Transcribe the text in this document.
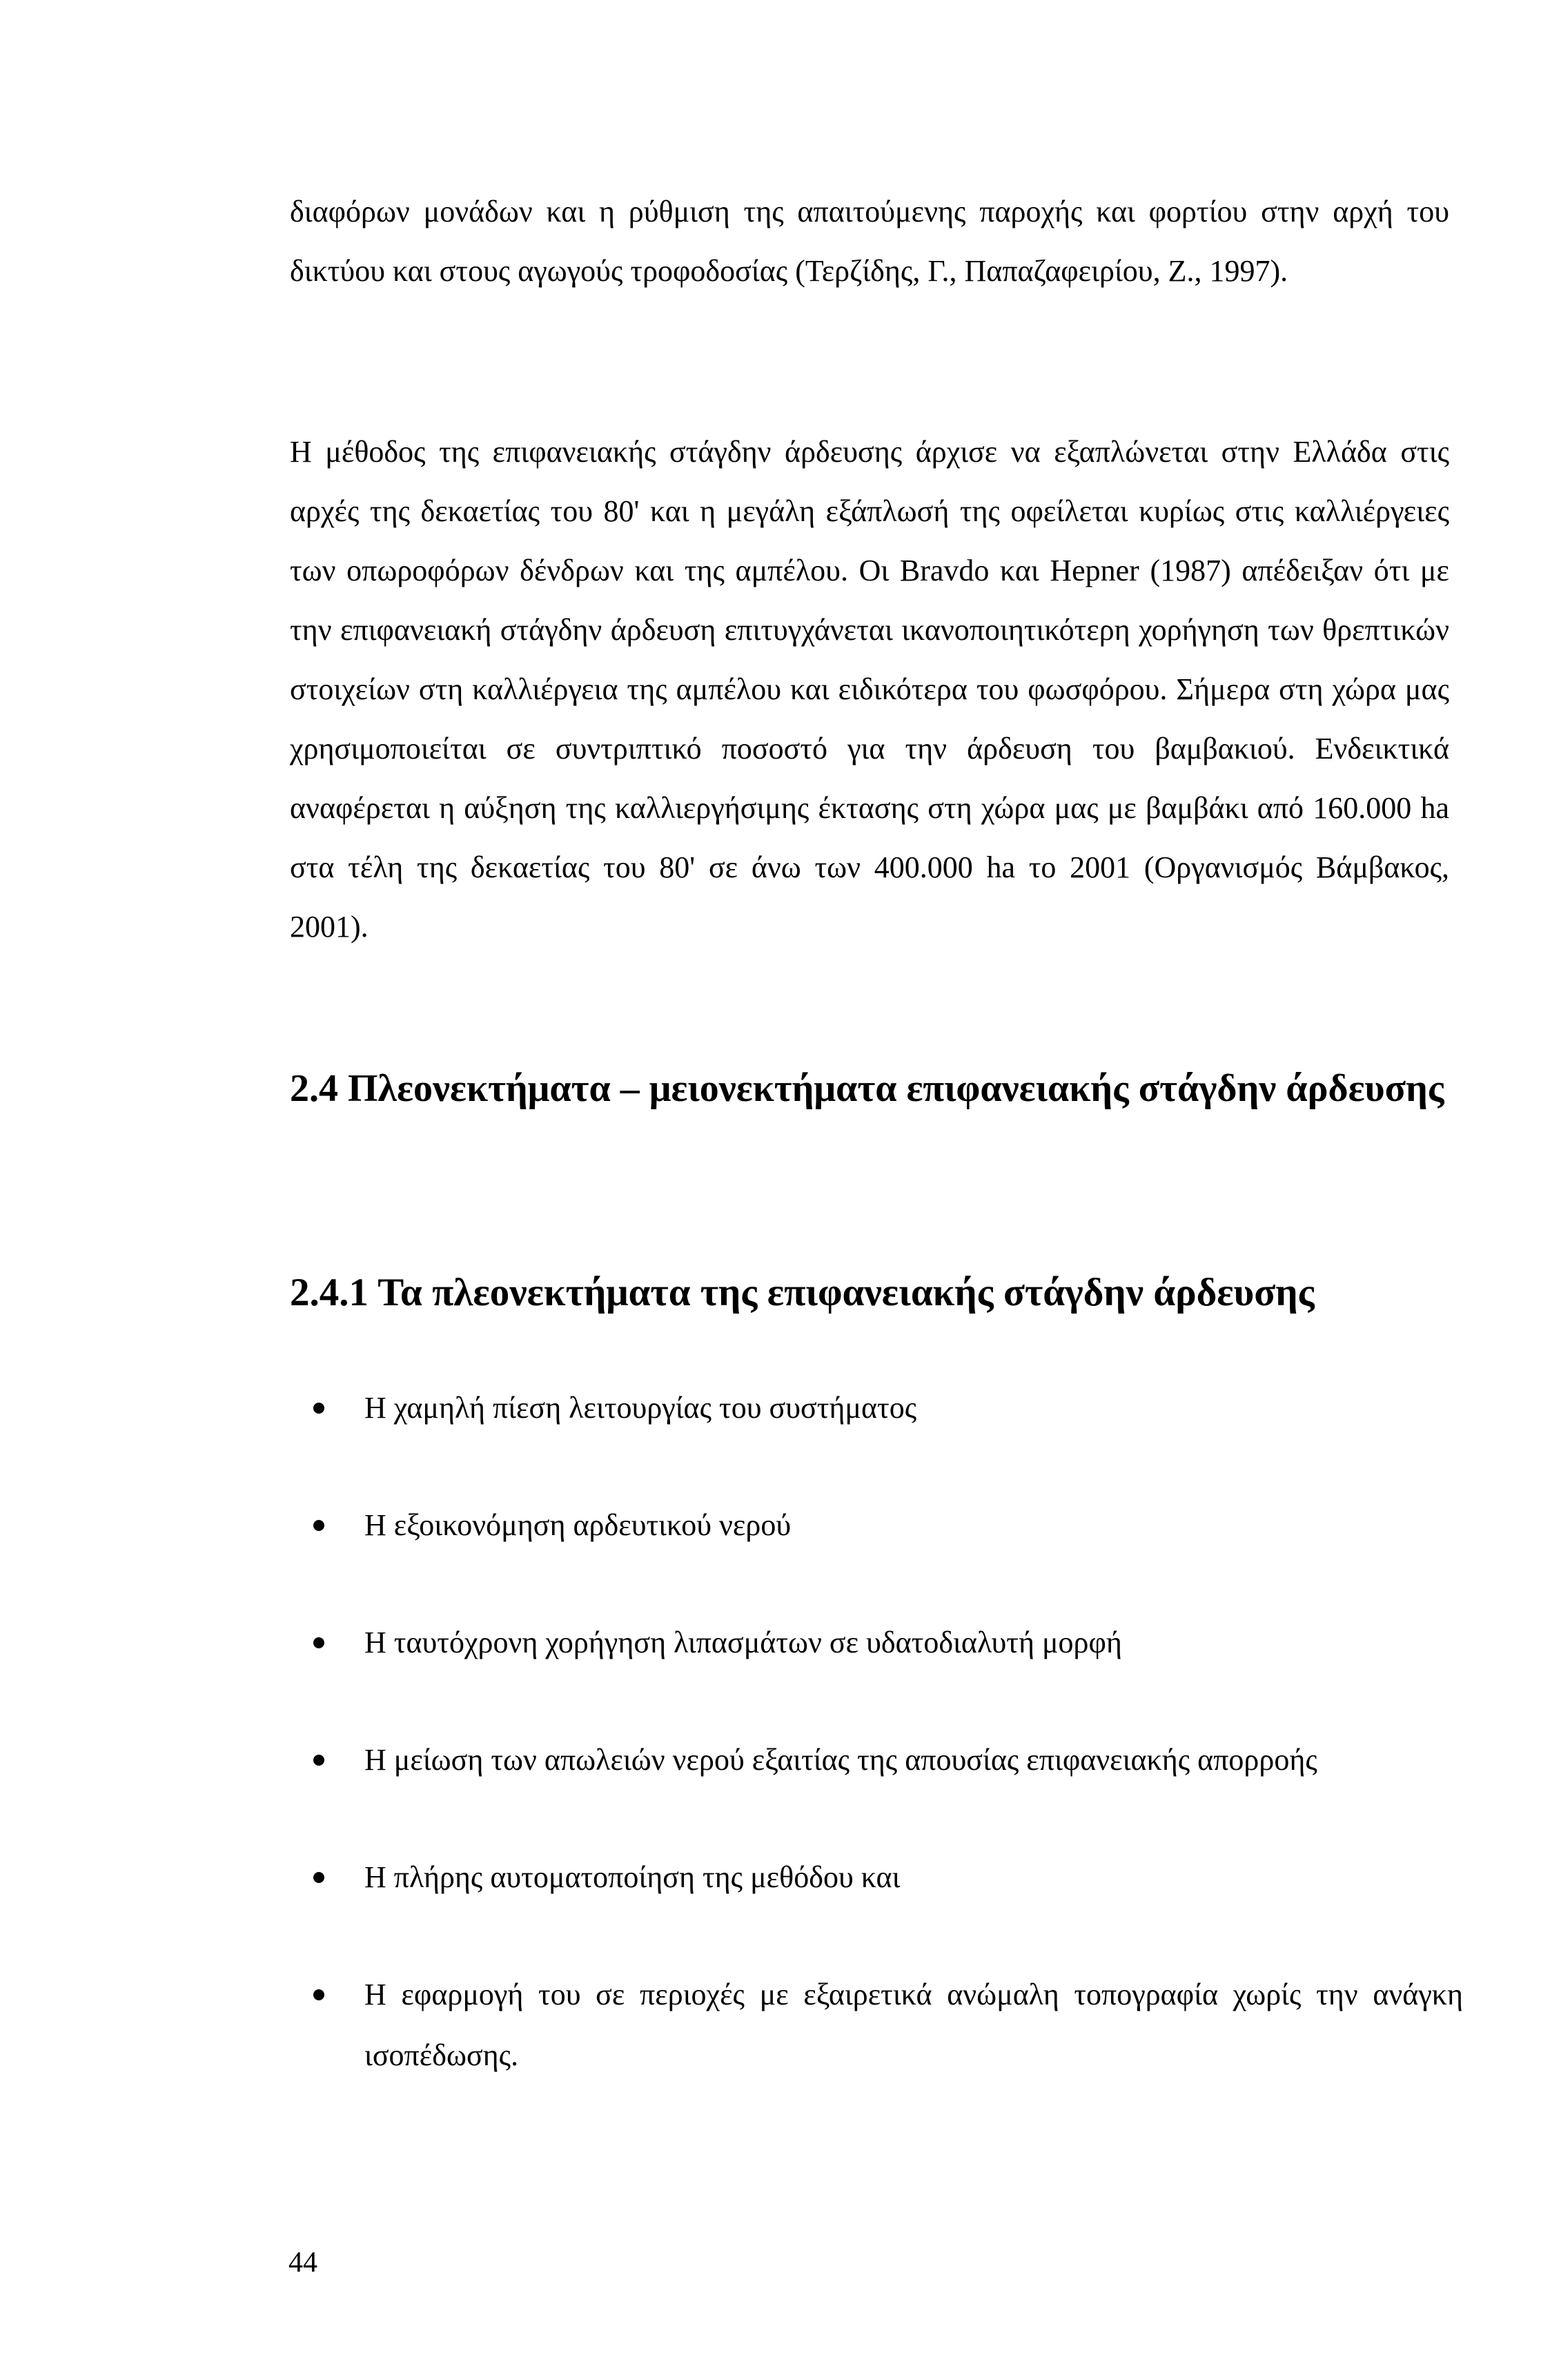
διαφόρων μονάδων και η ρύθμιση της απαιτούμενης παροχής και φορτίου στην αρχή του δικτύου και στους αγωγούς τροφοδοσίας (Τερζίδης, Γ., Παπαζαφειρίου, Ζ., 1997).

Η μέθοδος της επιφανειακής στάγδην άρδευσης άρχισε να εξαπλώνεται στην Ελλάδα στις αρχές της δεκαετίας του 80' και η μεγάλη εξάπλωσή της οφείλεται κυρίως στις καλλιέργειες των οπωροφόρων δένδρων και της αμπέλου. Οι Bravdo και Hepner (1987) απέδειξαν ότι με την επιφανειακή στάγδην άρδευση επιτυγχάνεται ικανοποιητικότερη χορήγηση των θρεπτικών στοιχείων στη καλλιέργεια της αμπέλου και ειδικότερα του φωσφόρου. Σήμερα στη χώρα μας χρησιμοποιείται σε συντριπτικό ποσοστό για την άρδευση του βαμβακιού. Ενδεικτικά αναφέρεται η αύξηση της καλλιεργήσιμης έκτασης στη χώρα μας με βαμβάκι από 160.000 ha στα τέλη της δεκαετίας του 80' σε άνω των 400.000 ha το 2001 (Οργανισμός Βάμβακος, 2001).

2.4 Πλεονεκτήματα – μειονεκτήματα επιφανειακής στάγδην άρδευσης
2.4.1 Τα πλεονεκτήματα της επιφανειακής στάγδην άρδευσης
Η χαμηλή πίεση λειτουργίας του συστήματος
Η εξοικονόμηση αρδευτικού νερού
Η ταυτόχρονη χορήγηση λιπασμάτων σε υδατοδιαλυτή μορφή
Η μείωση των απωλειών νερού εξαιτίας της απουσίας επιφανειακής απορροής
Η πλήρης αυτοματοποίηση της μεθόδου και
Η εφαρμογή του σε περιοχές με εξαιρετικά ανώμαλη τοπογραφία χωρίς την ανάγκη ισοπέδωσης.

44
